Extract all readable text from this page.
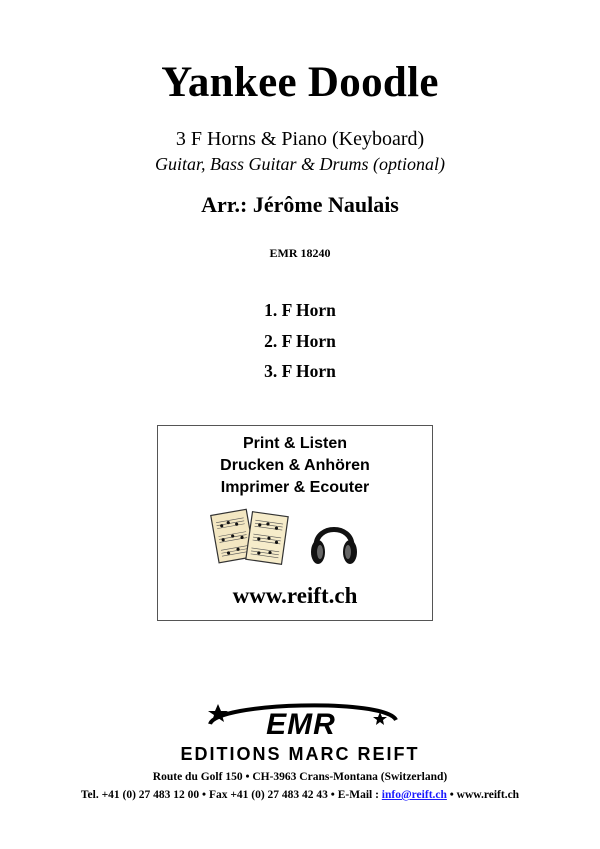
Yankee Doodle
3 F Horns & Piano (Keyboard)
Guitar, Bass Guitar & Drums (optional)
Arr.: Jérôme Naulais
EMR 18240
1. F Horn
2. F Horn
3. F Horn
Print & Listen
Drucken & Anhören
Imprimer & Ecouter
www.reift.ch
EMR
EDITIONS MARC REIFT
Route du Golf 150 • CH-3963 Crans-Montana (Switzerland)
Tel. +41 (0) 27 483 12 00 • Fax +41 (0) 27 483 42 43 • E-Mail : info@reift.ch • www.reift.ch
